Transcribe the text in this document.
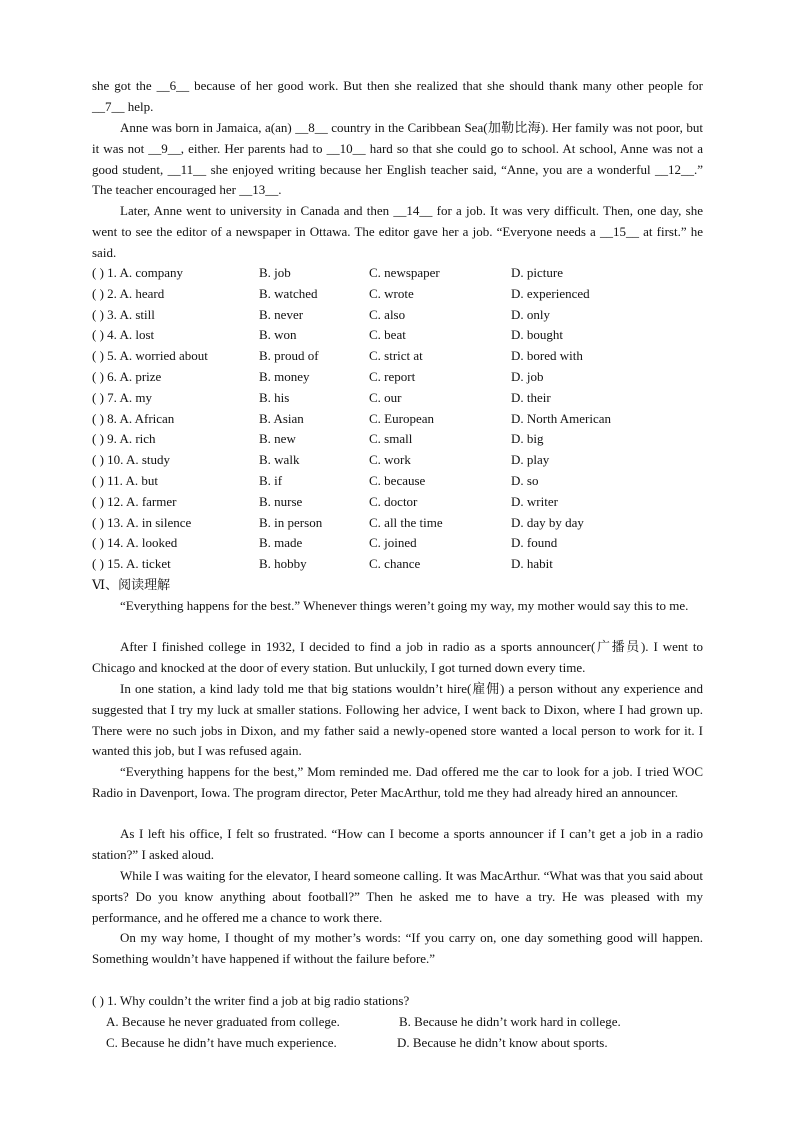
she got the __6__ because of her good work. But then she realized that she should thank many other people for __7__ help.

Anne was born in Jamaica, a(an) __8__ country in the Caribbean Sea(加勒比海). Her family was not poor, but it was not __9__, either. Her parents had to __10__ hard so that she could go to school. At school, Anne was not a good student, __11__ she enjoyed writing because her English teacher said, “Anne, you are a wonderful __12__.” The teacher encouraged her __13__.

Later, Anne went to university in Canada and then __14__ for a job. It was very difficult. Then, one day, she went to see the editor of a newspaper in Ottawa. The editor gave her a job. “Everyone needs a __15__ at first.” he said.

( ) 1. A. company	B. job	C. newspaper	D. picture
( ) 2. A. heard	B. watched	C. wrote	D. experienced
( ) 3. A. still	B. never	C. also	D. only
( ) 4. A. lost	B. won	C. beat	D. bought
( ) 5. A. worried about	B. proud of	C. strict at	D. bored with
( ) 6. A. prize	B. money	C. report	D. job
( ) 7. A. my	B. his	C. our	D. their
( ) 8. A. African	B. Asian	C. European	D. North American
( ) 9. A. rich	B. new	C. small	D. big
( ) 10. A. study	B. walk	C. work	D. play
( ) 11. A. but	B. if	C. because	D. so
( ) 12. A. farmer	B. nurse	C. doctor	D. writer
( ) 13. A. in silence	B. in person	C. all the time	D. day by day
( ) 14. A. looked	B. made	C. joined	D. found
( ) 15. A. ticket	B. hobby	C. chance	D. habit
Ⅵ、阅读理解

“Everything happens for the best.” Whenever things weren’t going my way, my mother would say this to me.

After I finished college in 1932, I decided to find a job in radio as a sports announcer(广播员). I went to Chicago and knocked at the door of every station. But unluckily, I got turned down every time.

In one station, a kind lady told me that big stations wouldn’t hire(雇佣) a person without any experience and suggested that I try my luck at smaller stations. Following her advice, I went back to Dixon, where I had grown up. There were no such jobs in Dixon, and my father said a newly-opened store wanted a local person to work for it. I wanted this job, but I was refused again.

“Everything happens for the best,” Mom reminded me. Dad offered me the car to look for a job. I tried WOC Radio in Davenport, Iowa. The program director, Peter MacArthur, told me they had already hired an announcer.

As I left his office, I felt so frustrated. “How can I become a sports announcer if I can’t get a job in a radio station?” I asked aloud.

While I was waiting for the elevator, I heard someone calling. It was MacArthur. “What was that you said about sports? Do you know anything about football?” Then he asked me to have a try. He was pleased with my performance, and he offered me a chance to work there.

On my way home, I thought of my mother’s words: “If you carry on, one day something good will happen. Something wouldn’t have happened if without the failure before.”

( ) 1. Why couldn’t the writer find a job at big radio stations?
A. Because he never graduated from college.	B. Because he didn’t work hard in college.
C. Because he didn’t have much experience.	D. Because he didn’t know about sports.
